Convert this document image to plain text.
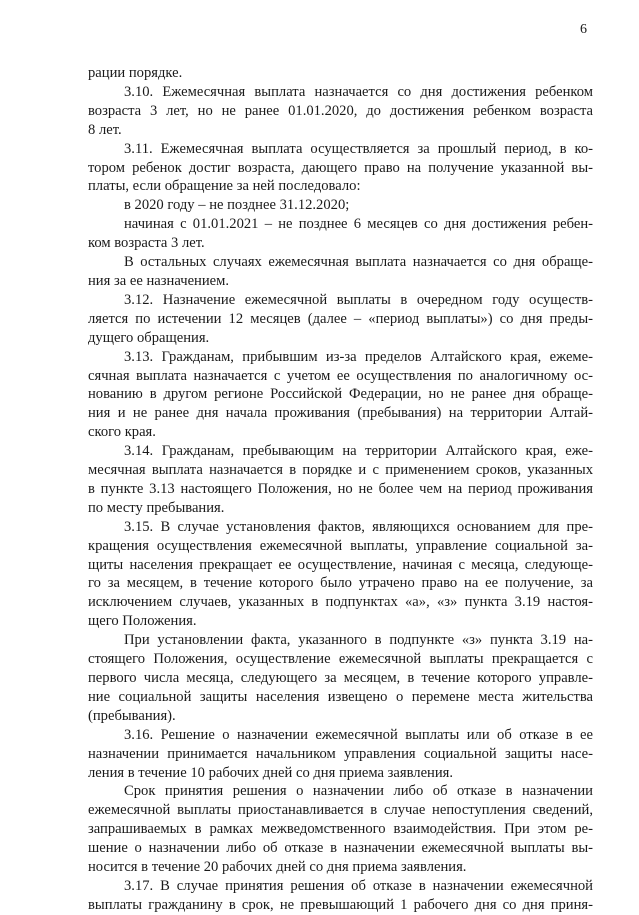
6
рации порядке.
3.10. Ежемесячная выплата назначается со дня достижения ребенком
возраста 3 лет, но не ранее 01.01.2020, до достижения ребенком возраста
8 лет.
3.11. Ежемесячная выплата осуществляется за прошлый период, в ко-
тором ребенок достиг возраста, дающего право на получение указанной вы-
платы, если обращение за ней последовало:
в 2020 году – не позднее 31.12.2020;
начиная с 01.01.2021 – не позднее 6 месяцев со дня достижения ребен-
ком возраста 3 лет.
В остальных случаях ежемесячная выплата назначается со дня обраще-
ния за ее назначением.
3.12. Назначение ежемесячной выплаты в очередном году осуществ-
ляется по истечении 12 месяцев (далее – «период выплаты») со дня преды-
дущего обращения.
3.13. Гражданам, прибывшим из-за пределов Алтайского края, ежеме-
сячная выплата назначается с учетом ее осуществления по аналогичному ос-
нованию в другом регионе Российской Федерации, но не ранее дня обраще-
ния и не ранее дня начала проживания (пребывания) на территории Алтай-
ского края.
3.14. Гражданам, пребывающим на территории Алтайского края, еже-
месячная выплата назначается в порядке и с применением сроков, указанных
в пункте 3.13 настоящего Положения, но не более чем на период проживания
по месту пребывания.
3.15. В случае установления фактов, являющихся основанием для пре-
кращения осуществления ежемесячной выплаты, управление социальной за-
щиты населения прекращает ее осуществление, начиная с месяца, следующе-
го за месяцем, в течение которого было утрачено право на ее получение, за
исключением случаев, указанных в подпунктах «а», «з» пункта 3.19 настоя-
щего Положения.
При установлении факта, указанного в подпункте «з» пункта 3.19 на-
стоящего Положения, осуществление ежемесячной выплаты прекращается с
первого числа месяца, следующего за месяцем, в течение которого управле-
ние социальной защиты населения извещено о перемене места жительства
(пребывания).
3.16. Решение о назначении ежемесячной выплаты или об отказе в ее
назначении принимается начальником управления социальной защиты насе-
ления в течение 10 рабочих дней со дня приема заявления.
Срок принятия решения о назначении либо об отказе в назначении
ежемесячной выплаты приостанавливается в случае непоступления сведений,
запрашиваемых в рамках межведомственного взаимодействия. При этом ре-
шение о назначении либо об отказе в назначении ежемесячной выплаты вы-
носится в течение 20 рабочих дней со дня приема заявления.
3.17. В случае принятия решения об отказе в назначении ежемесячной
выплаты гражданину в срок, не превышающий 1 рабочего дня со дня приня-
